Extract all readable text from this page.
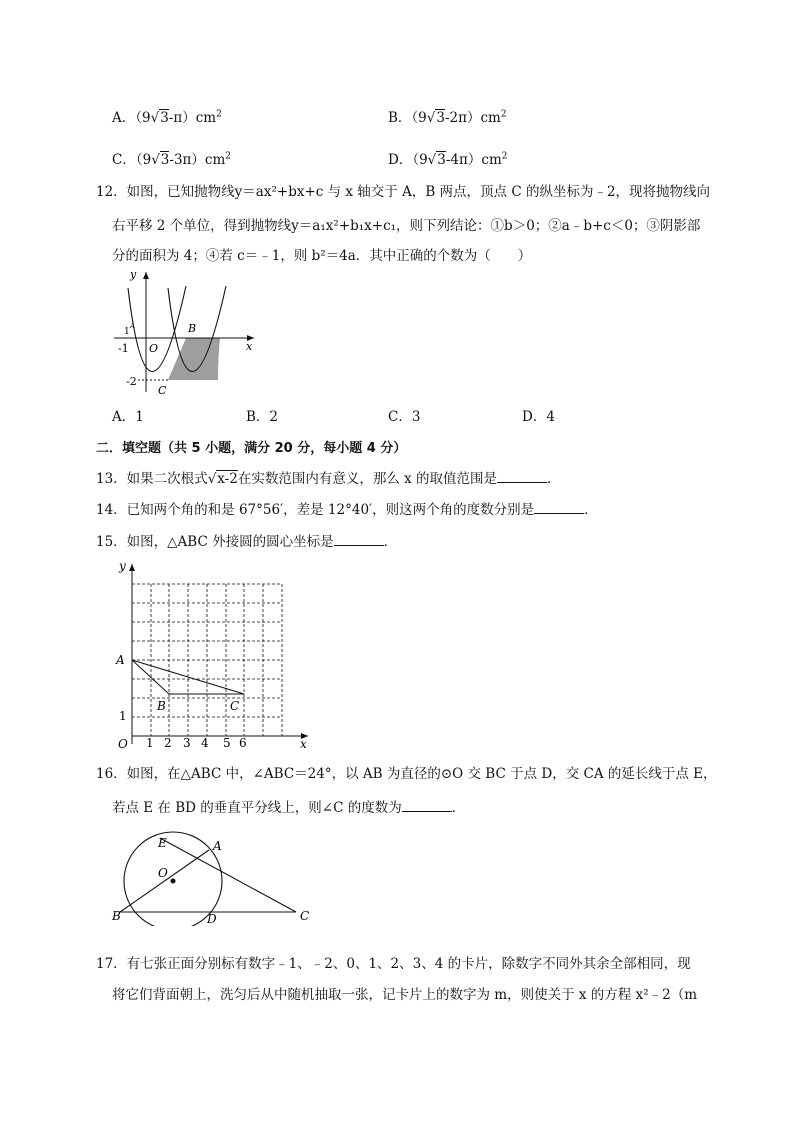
A．$(9√3-\pi)cm^2$	B．$(9√3-2\pi)cm^2$
C．$(9√3-3\pi)cm^2$	D．$(9√3-4\pi)cm^2$
12．如图，已知抛物线y＝ax²+bx+c 与 x 轴交于 A，B 两点，顶点 C 的纵坐标为﹣2，现将抛物线向
右平移 2 个单位，得到抛物线y＝a₁x²+b₁x+c₁，则下列结论：①b＞0；②a﹣b+c＜0；③阴影部
分的面积为 4；④若 c＝﹣1，则 b²＝4a．其中正确的个数为（　　）
y
x
1
A
-1 O
B
-2
C
A．1	B．2	C．3	D．4
二．填空题（共 5 小题，满分 20 分，每小题 4 分）
13．如果二次根式√x-2在实数范围内有意义，那么 x 的取值范围是	．
14．已知两个角的和是 67°56′，差是 12°40′，则这两个角的度数分别是	．
15．如图，△ABC 外接圆的圆心坐标是	．
y
x
O
A
B	C
1
1 2 3 4 5 6
16．如图，在△ABC 中，∠ABC＝24°，以 AB 为直径的⊙O 交 BC 于点 D，交 CA 的延长线于点 E，
若点 E 在 BD 的垂直平分线上，则∠C 的度数为	．
E	A
O
B	D	C
17．有七张正面分别标有数字﹣1、﹣2、0、1、2、3、4 的卡片，除数字不同外其余全部相同，现
将它们背面朝上，洗匀后从中随机抽取一张，记卡片上的数字为 m，则使关于 x 的方程 x²﹣2（m
